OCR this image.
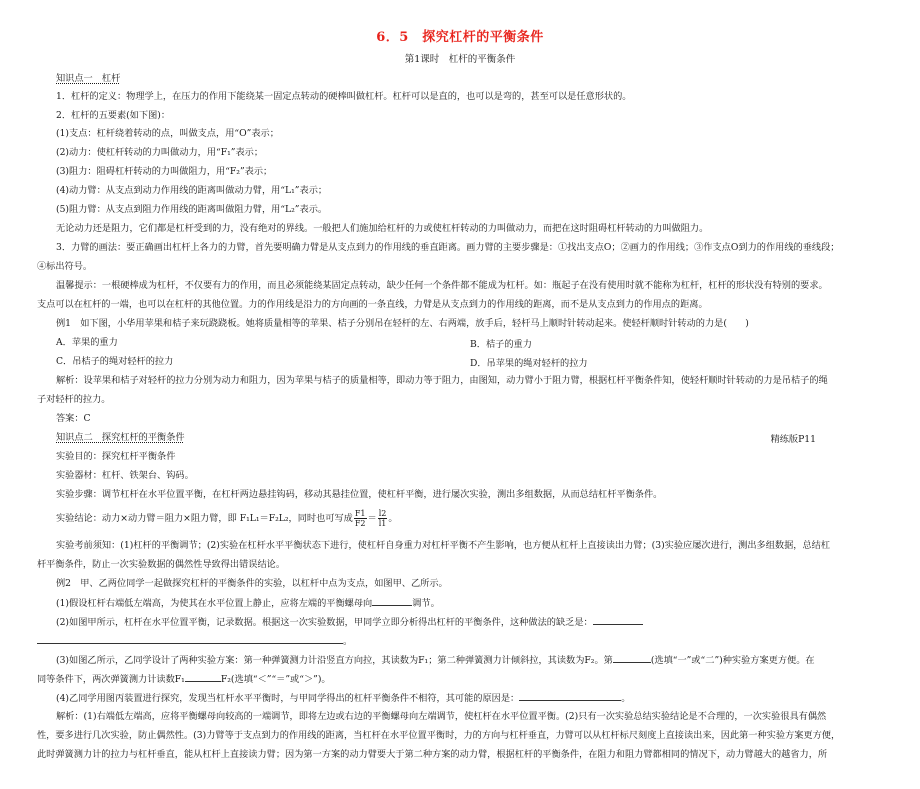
6．5　探究杠杆的平衡条件
第1课时　杠杆的平衡条件
知识点一　杠杆
1．杠杆的定义：物理学上，在压力的作用下能绕某一固定点转动的硬棒叫做杠杆。杠杆可以是直的，也可以是弯的，甚至可以是任意形状的。
2．杠杆的五要素(如下图)：
(1)支点：杠杆绕着转动的点，叫做支点，用“O”表示；
(2)动力：使杠杆转动的力叫做动力，用“F₁”表示；
(3)阻力：阻碍杠杆转动的力叫做阻力，用“F₂”表示；
(4)动力臂：从支点到动力作用线的距离叫做动力臂，用“L₁”表示；
(5)阻力臂：从支点到阻力作用线的距离叫做阻力臂，用“L₂”表示。
无论动力还是阻力，它们都是杠杆受到的力，没有绝对的界线。一般把人们施加给杠杆的力或使杠杆转动的力叫做动力，而把在这时阻碍杠杆转动的力叫做阻力。
3．力臂的画法：要正确画出杠杆上各力的力臂，首先要明确力臂是从支点到力的作用线的垂直距离。画力臂的主要步骤是：①找出支点O；②画力的作用线；③作支点O到力的作用线的垂线段；
④标出符号。
温馨提示：一根硬棒成为杠杆，不仅要有力的作用，而且必须能绕某固定点转动，缺少任何一个条件都不能成为杠杆。如：瓶起子在没有使用时就不能称为杠杆，杠杆的形状没有特别的要求。
支点可以在杠杆的一端，也可以在杠杆的其他位置。力的作用线是沿力的方向画的一条直线，力臂是从支点到力的作用线的距离，而不是从支点到力的作用点的距离。
例1　如下图，小华用苹果和桔子来玩跷跷板。她将质量相等的苹果、桔子分别吊在轻杆的左、右两端，放手后，轻杆马上顺时针转动起来。使轻杆顺时针转动的力是(　　)
A．苹果的重力	B．桔子的重力
C．吊桔子的绳对轻杆的拉力	D．吊苹果的绳对轻杆的拉力
解析：设苹果和桔子对轻杆的拉力分别为动力和阻力，因为苹果与桔子的质量相等，即动力等于阻力，由图知，动力臂小于阻力臂，根据杠杆平衡条件知，使轻杆顺时针转动的力是吊桔子的绳
子对轻杆的拉力。
答案：C
知识点二　探究杠杆的平衡条件	精练版P11
实验目的：探究杠杆平衡条件
实验器材：杠杆、铁架台、钩码。
实验步骤：调节杠杆在水平位置平衡，在杠杆两边悬挂钩码，移动其悬挂位置，使杠杆平衡，进行屡次实验，测出多组数据，从而总结杠杆平衡条件。
实验结论：动力×动力臂＝阻力×阻力臂，即 F₁L₁＝F₂L₂，同时也可写成 $\frac{F1}{F2} = \frac{l2}{l1}$ 。
实验考前须知：(1)杠杆的平衡调节；(2)实验在杠杆水平平衡状态下进行，使杠杆自身重力对杠杆平衡不产生影响，也方便从杠杆上直接读出力臂；(3)实验应屡次进行，测出多组数据，总结杠
杆平衡条件，防止一次实验数据的偶然性导致得出错误结论。
例2　甲、乙两位同学一起做探究杠杆的平衡条件的实验，以杠杆中点为支点，如图甲、乙所示。
(1)假设杠杆右端低左端高，为使其在水平位置上静止，应将左端的平衡螺母向	调节。
(2)如图甲所示，杠杆在水平位置平衡，记录数据。根据这一次实验数据，甲同学立即分析得出杠杆的平衡条件，这种做法的缺乏是：
。
(3)如图乙所示，乙同学设计了两种实验方案：第一种弹簧测力计沿竖直方向拉，其读数为F₁；第二种弹簧测力计倾斜拉，其读数为F₂。第	(选填“一”或“二”)种实验方案更方便。在
同等条件下，两次弹簧测力计读数F₁	F₂(选填“＜”“＝”或“＞”)。
(4)乙同学用图丙装置进行探究，发现当杠杆水平平衡时，与甲同学得出的杠杆平衡条件不相符，其可能的原因是：	。
解析：(1)右端低左端高，应将平衡螺母向较高的一端调节，即将左边或右边的平衡螺母向左端调节，使杠杆在水平位置平衡。(2)只有一次实验总结实验结论是不合理的，一次实验很具有偶然
性，要多进行几次实验，防止偶然性。(3)力臂等于支点到力的作用线的距离，当杠杆在水平位置平衡时，力的方向与杠杆垂直，力臂可以从杠杆标尺刻度上直接读出来，因此第一种实验方案更方便，
此时弹簧测力计的拉力与杠杆垂直，能从杠杆上直接读力臂；因为第一方案的动力臂要大于第二种方案的动力臂，根据杠杆的平衡条件，在阻力和阻力臂都相同的情况下，动力臂越大的越省力，所
